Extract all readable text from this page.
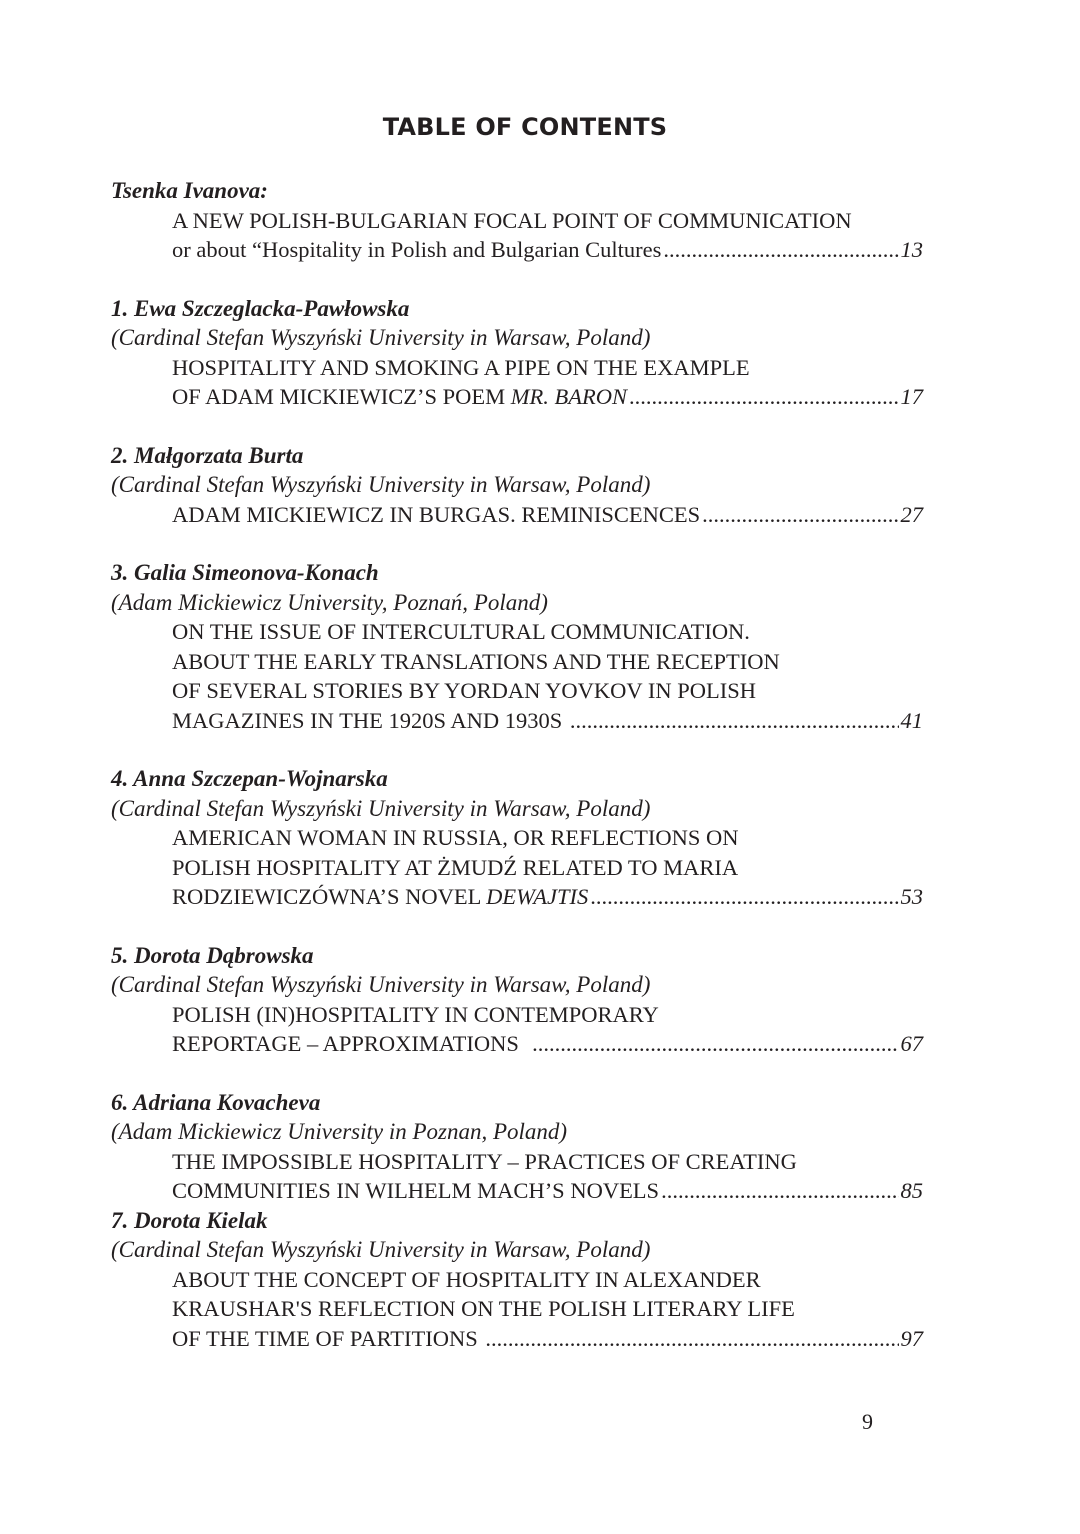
TABLE OF CONTENTS
Tsenka Ivanova:
A NEW POLISH-BULGARIAN FOCAL POINT OF COMMUNICATION
or about “Hospitality in Polish and Bulgarian Cultures .....	13
1. Ewa Szczeglacka-Pawłowska
(Cardinal Stefan Wyszyński University in Warsaw, Poland)
HOSPITALITY AND SMOKING A PIPE ON THE EXAMPLE
OF ADAM MICKIEWICZ’S POEM MR. BARON .....	17
2. Małgorzata Burta
(Cardinal Stefan Wyszyński University in Warsaw, Poland)
ADAM MICKIEWICZ IN BURGAS. REMINISCENCES .....	27
3. Galia Simeonova-Konach
(Adam Mickiewicz University, Poznań, Poland)
ON THE ISSUE OF INTERCULTURAL COMMUNICATION.
ABOUT THE EARLY TRANSLATIONS AND THE RECEPTION
OF SEVERAL STORIES BY YORDAN YOVKOV IN POLISH
MAGAZINES IN THE 1920S AND 1930S .....	41
4. Anna Szczepan-Wojnarska
(Cardinal Stefan Wyszyński University in Warsaw, Poland)
AMERICAN WOMAN IN RUSSIA, OR REFLECTIONS ON
POLISH HOSPITALITY AT ŻMUDŹ RELATED TO MARIA
RODZIEWICZÓWNA’S NOVEL DEWAJTIS .....	53
5. Dorota Dąbrowska
(Cardinal Stefan Wyszyński University in Warsaw, Poland)
POLISH (IN)HOSPITALITY IN CONTEMPORARY
REPORTAGE – APPROXIMATIONS .....	67
6. Adriana Kovacheva
(Adam Mickiewicz University in Poznan, Poland)
THE IMPOSSIBLE HOSPITALITY – PRACTICES OF CREATING
COMMUNITIES IN WILHELM MACH’S NOVELS .....	85
7. Dorota Kielak
(Cardinal Stefan Wyszyński University in Warsaw, Poland)
ABOUT THE CONCEPT OF HOSPITALITY IN ALEXANDER
KRAUSHAR'S REFLECTION ON THE POLISH LITERARY LIFE
OF THE TIME OF PARTITIONS .....	97
9
